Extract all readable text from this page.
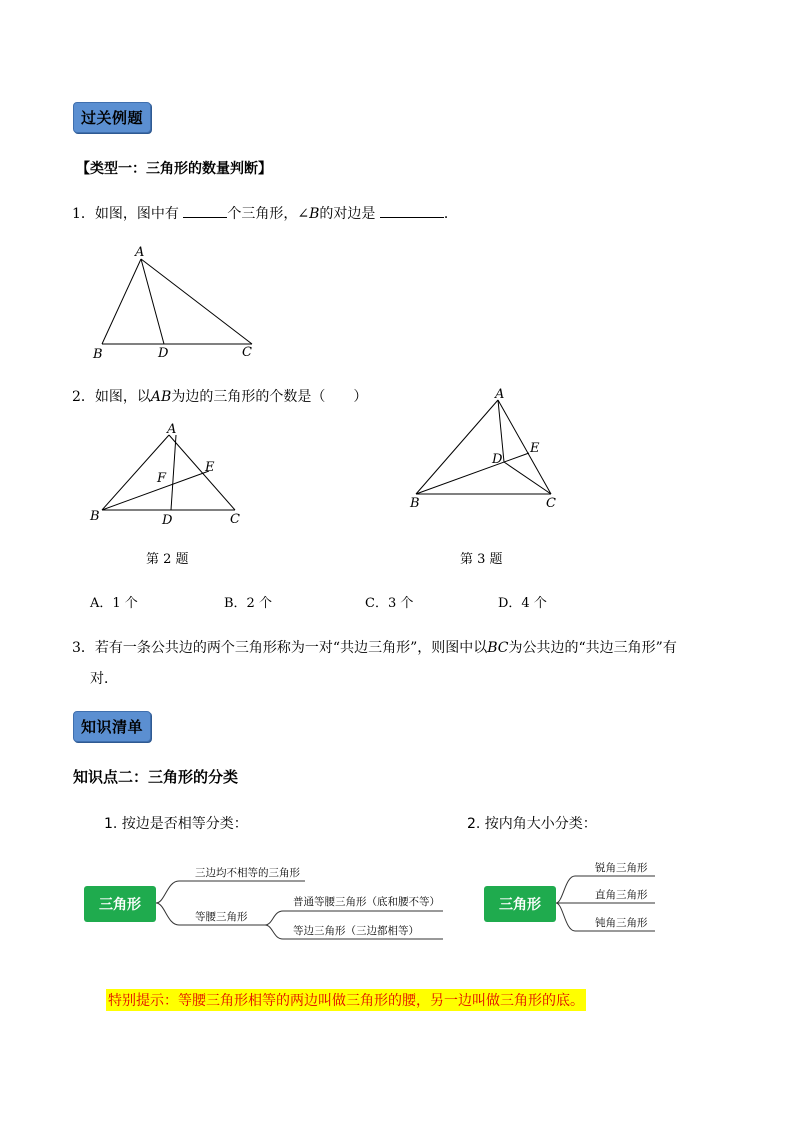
过关例题
【类型一：三角形的数量判断】
1．如图，图中有	个三角形，∠B的对边是	．
A
B	D	C
2．如图，以AB为边的三角形的个数是（　　）
A
F
E
B	D	C
第 2 题
A
D
E
B	C
第 3 题
A．1 个	B．2 个	C．3 个	D．4 个
3．若有一条公共边的两个三角形称为一对“共边三角形”，则图中以BC为公共边的“共边三角形”有
对．
知识清单
知识点二：三角形的分类
1. 按边是否相等分类：	2. 按内角大小分类：
三角形
三边均不相等的三角形
等腰三角形
普通等腰三角形（底和腰不等）
等边三角形（三边都相等）
三角形
锐角三角形
直角三角形
钝角三角形
特别提示：等腰三角形相等的两边叫做三角形的腰，另一边叫做三角形的底。
